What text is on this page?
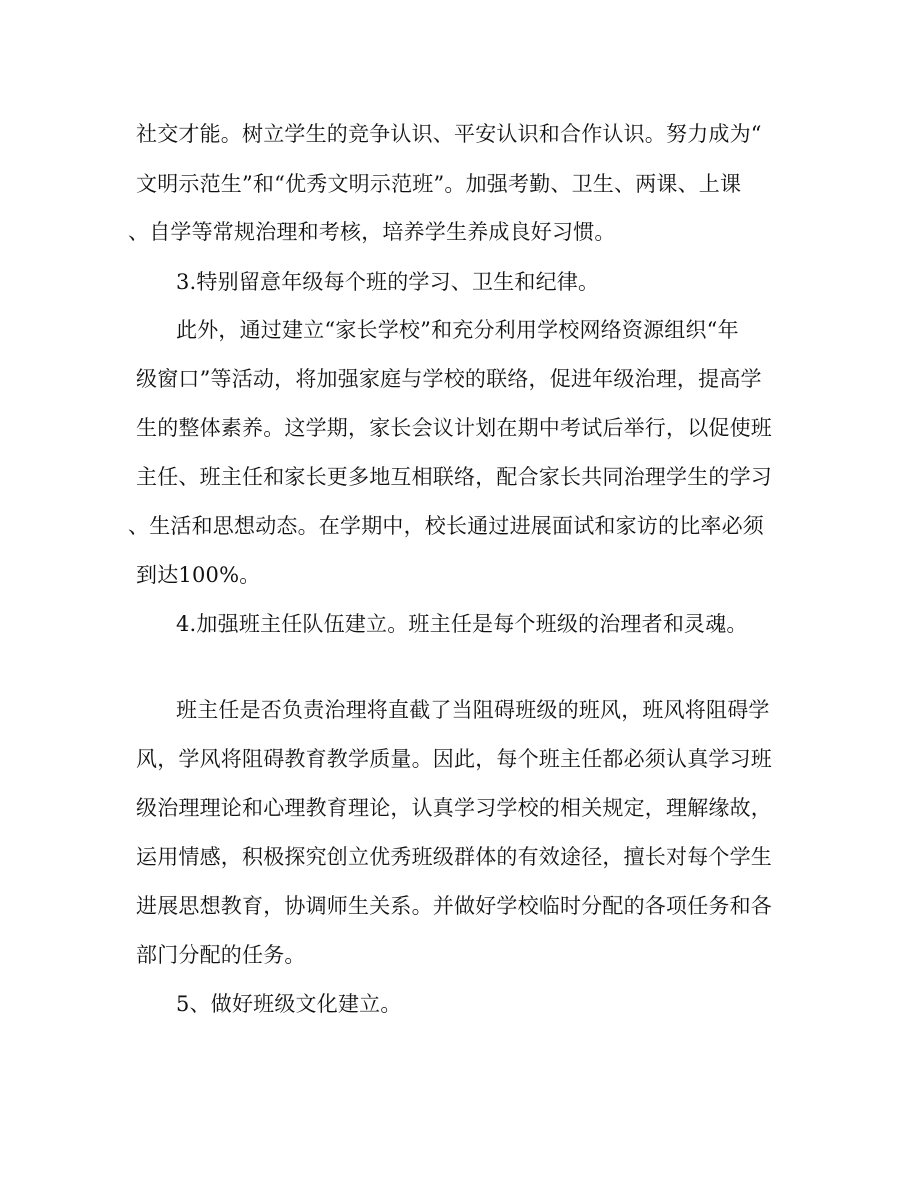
社交才能。树立学生的竞争认识、平安认识和合作认识。努力成为“
文明示范生”和“优秀文明示范班”。加强考勤、卫生、两课、上课
、自学等常规治理和考核，培养学生养成良好习惯。
3.特别留意年级每个班的学习、卫生和纪律。
此外，通过建立“家长学校”和充分利用学校网络资源组织“年
级窗口”等活动，将加强家庭与学校的联络，促进年级治理，提高学
生的整体素养。这学期，家长会议计划在期中考试后举行，以促使班
主任、班主任和家长更多地互相联络，配合家长共同治理学生的学习
、生活和思想动态。在学期中，校长通过进展面试和家访的比率必须
到达100%。
4.加强班主任队伍建立。班主任是每个班级的治理者和灵魂。
班主任是否负责治理将直截了当阻碍班级的班风，班风将阻碍学
风，学风将阻碍教育教学质量。因此，每个班主任都必须认真学习班
级治理理论和心理教育理论，认真学习学校的相关规定，理解缘故，
运用情感，积极探究创立优秀班级群体的有效途径，擅长对每个学生
进展思想教育，协调师生关系。并做好学校临时分配的各项任务和各
部门分配的任务。
5、做好班级文化建立。
